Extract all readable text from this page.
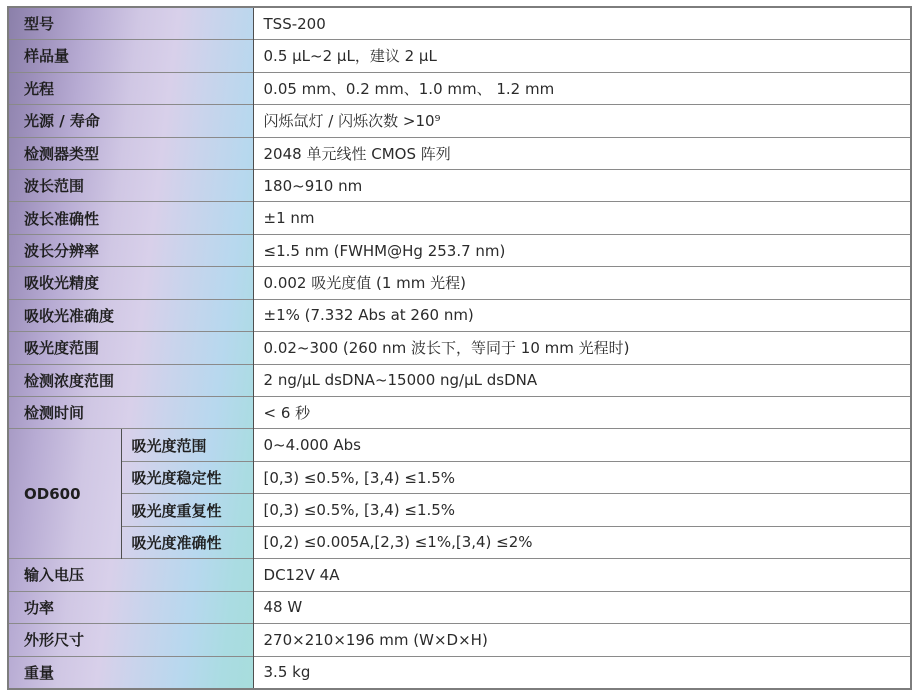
型号		TSS-200
样品量		0.5 μL~2 μL，建议 2 μL
光程		0.05 mm、0.2 mm、1.0 mm、 1.2 mm
光源 / 寿命		闪烁氙灯 / 闪烁次数 >10⁹
检测器类型		2048 单元线性 CMOS 阵列
波长范围		180~910 nm
波长准确性		±1 nm
波长分辨率		≤1.5 nm (FWHM@Hg 253.7 nm)
吸收光精度		0.002 吸光度值 (1 mm 光程)
吸收光准确度		±1% (7.332 Abs at 260 nm)
吸光度范围		0.02~300 (260 nm 波长下，等同于 10 mm 光程时)
检测浓度范围		2 ng/μL dsDNA~15000 ng/μL dsDNA
检测时间		< 6 秒
OD600	吸光度范围	0~4.000 Abs
	吸光度稳定性	[0,3) ≤0.5%, [3,4) ≤1.5%
	吸光度重复性	[0,3) ≤0.5%, [3,4) ≤1.5%
	吸光度准确性	[0,2) ≤0.005A,[2,3) ≤1%,[3,4) ≤2%
输入电压		DC12V 4A
功率		48 W
外形尺寸		270×210×196 mm (W×D×H)
重量		3.5 kg
